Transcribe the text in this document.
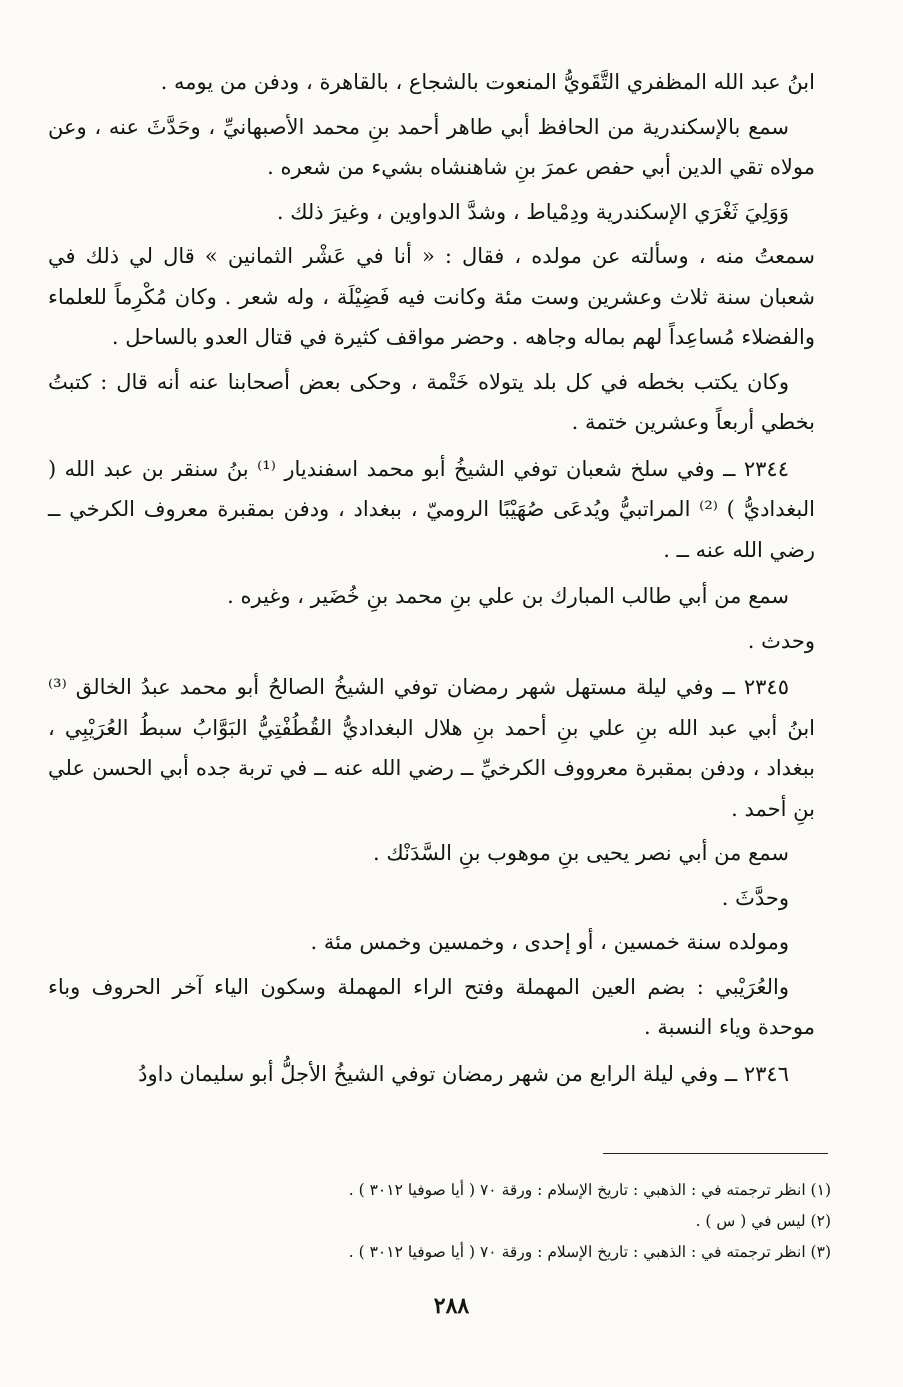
ابنُ عبد الله المظفري التَّقَويُّ المنعوت بالشجاع ، بالقاهرة ، ودفن من يومه .

سمع بالإسكندرية من الحافظ أبي طاهر أحمد بنِ محمد الأصبهانيِّ ، وحَدَّثَ عنه ، وعن مولاه تقي الدين أبي حفص عمرَ بنِ شاهنشاه بشيء من شعره .

وَوَلِيَ ثَغْرَي الإسكندرية ودِمْياط ، وشدَّ الدواوين ، وغيرَ ذلك .

سمعتُ منه ، وسألته عن مولده ، فقال : « أنا في عَشْر الثمانين » قال لي ذلك في شعبان سنة ثلاث وعشرين وست مئة وكانت فيه فَضِيْلَة ، وله شعر . وكان مُكْرِماً للعلماء والفضلاء مُساعِداً لهم بماله وجاهه . وحضر مواقف كثيرة في قتال العدو بالساحل .

وكان يكتب بخطه في كل بلد يتولاه خَتْمة ، وحكى بعض أصحابنا عنه أنه قال : كتبتُ بخطي أربعاً وعشرين ختمة .

٢٣٤٤ ــ وفي سلخ شعبان توفي الشيخُ أبو محمد اسفنديار ⁽¹⁾ بنُ سنقر بن عبد الله ( البغداديُّ ) ⁽²⁾ المراتبيُّ ويُدعَى صُهَيْبًا الروميّ ، ببغداد ، ودفن بمقبرة معروف الكرخي ــ رضي الله عنه ــ .

سمع من أبي طالب المبارك بن علي بنِ محمد بنِ خُضَير ، وغيره .

وحدث .

٢٣٤٥ ــ وفي ليلة مستهل شهر رمضان توفي الشيخُ الصالحُ أبو محمد عبدُ الخالق ⁽³⁾ ابنُ أبي عبد الله بنِ علي بنِ أحمد بنِ هلال البغداديُّ القُطُفْتِيُّ البَوَّابُ سبطُ العُرَيْبِي ، ببغداد ، ودفن بمقبرة معرووف الكرخيِّ ــ رضي الله عنه ــ في تربة جده أبي الحسن علي بنِ أحمد .

سمع من أبي نصر يحيى بنِ موهوب بنِ السَّدَنْك .

وحدَّثَ .

ومولده سنة خمسين ، أو إحدى ، وخمسين وخمس مئة .

والعُرَيْبي : بضم العين المهملة وفتح الراء المهملة وسكون الياء آخر الحروف وباء موحدة وياء النسبة .

٢٣٤٦ ــ وفي ليلة الرابع من شهر رمضان توفي الشيخُ الأجلُّ أبو سليمان داودُ

(١) انظر ترجمته في : الذهبي : تاريخ الإسلام : ورقة ٧٠ ( أيا صوفيا ٣٠١٢ ) .

(٢) ليس في ( س ) .

(٣) انظر ترجمته في : الذهبي : تاريخ الإسلام : ورقة ٧٠ ( أيا صوفيا ٣٠١٢ ) .

٢٨٨
